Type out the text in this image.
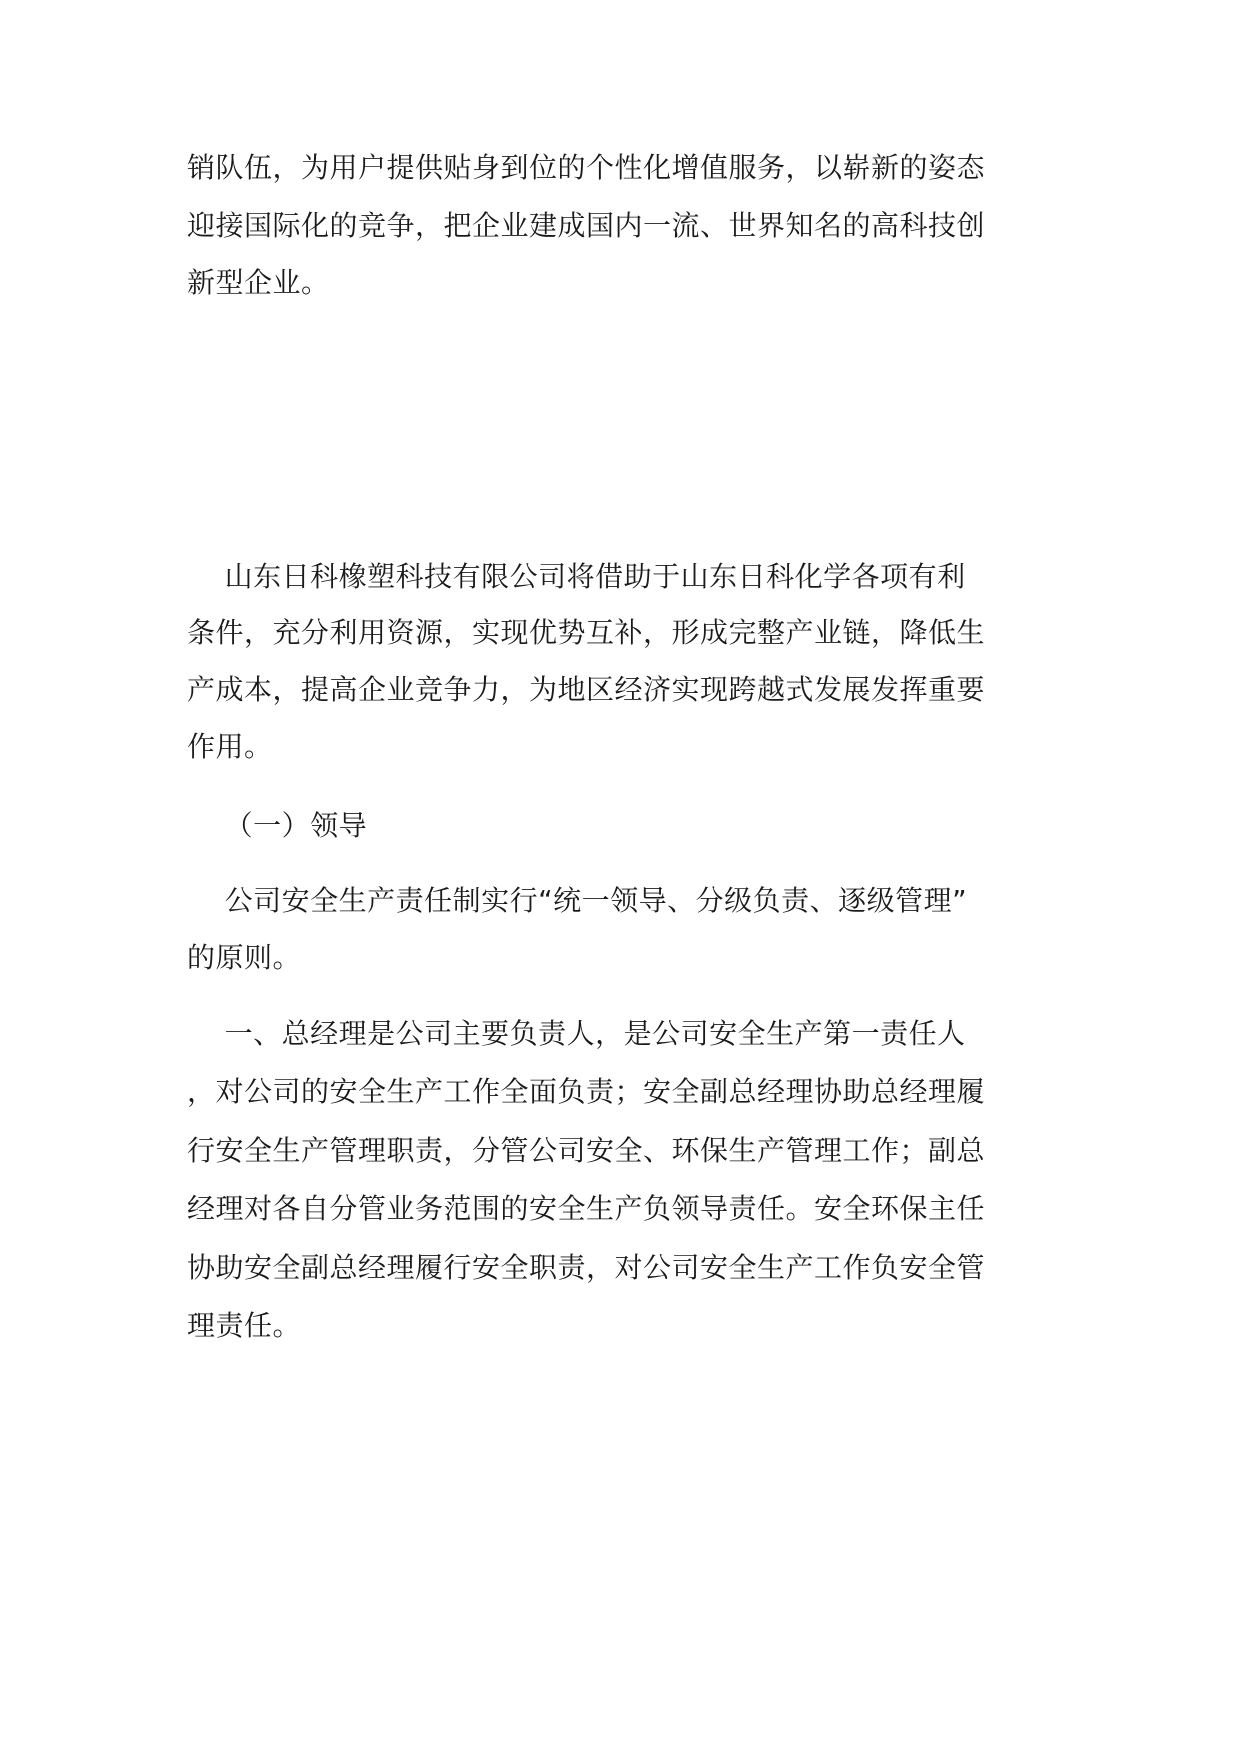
销队伍，为用户提供贴身到位的个性化增值服务，以崭新的姿态
迎接国际化的竞争，把企业建成国内一流、世界知名的高科技创
新型企业。
山东日科橡塑科技有限公司将借助于山东日科化学各项有利
条件，充分利用资源，实现优势互补，形成完整产业链，降低生
产成本，提高企业竞争力，为地区经济实现跨越式发展发挥重要
作用。
（一）领导
公司安全生产责任制实行“统一领导、分级负责、逐级管理”
的原则。
一、总经理是公司主要负责人，是公司安全生产第一责任人
，对公司的安全生产工作全面负责；安全副总经理协助总经理履
行安全生产管理职责，分管公司安全、环保生产管理工作；副总
经理对各自分管业务范围的安全生产负领导责任。安全环保主任
协助安全副总经理履行安全职责，对公司安全生产工作负安全管
理责任。
